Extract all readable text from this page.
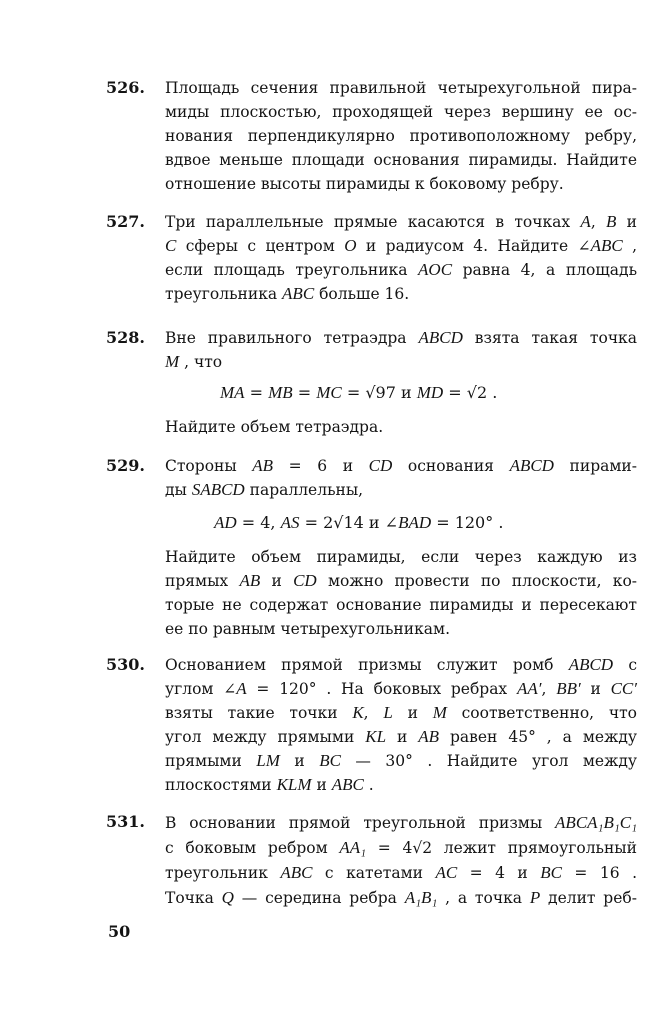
526. Площадь сечения правильной четырехугольной пира-
миды плоскостью, проходящей через вершину ее ос-
нования перпендикулярно противоположному ребру,
вдвое меньше площади основания пирамиды. Найдите
отношение высоты пирамиды к боковому ребру.
527. Три параллельные прямые касаются в точках A, B и
C сферы с центром O и радиусом 4. Найдите ∠ABC ,
если площадь треугольника AOC равна 4, а площадь
треугольника ABC больше 16.
528. Вне правильного тетраэдра ABCD взята такая точка
M , что
MA = MB = MC = √97 и MD = √2 .
Найдите объем тетраэдра.
529. Стороны AB = 6 и CD основания ABCD пирами-
ды SABCD параллельны,
AD = 4, AS = 2√14 и ∠BAD = 120° .
Найдите объем пирамиды, если через каждую из
прямых AB и CD можно провести по плоскости, ко-
торые не содержат основание пирамиды и пересекают
ее по равным четырехугольникам.
530. Основанием прямой призмы служит ромб ABCD с
углом ∠A = 120° . На боковых ребрах AA′, BB′ и CC′
взяты такие точки K, L и M соответственно, что
угол между прямыми KL и AB равен 45° , а между
прямыми LM и BC — 30° . Найдите угол между
плоскостями KLM и ABC .
531. В основании прямой треугольной призмы ABCA₁B₁C₁
с боковым ребром AA₁ = 4√2 лежит прямоугольный
треугольник ABC с катетами AC = 4 и BC = 16 .
Точка Q — середина ребра A₁B₁ , а точка P делит реб-
50
